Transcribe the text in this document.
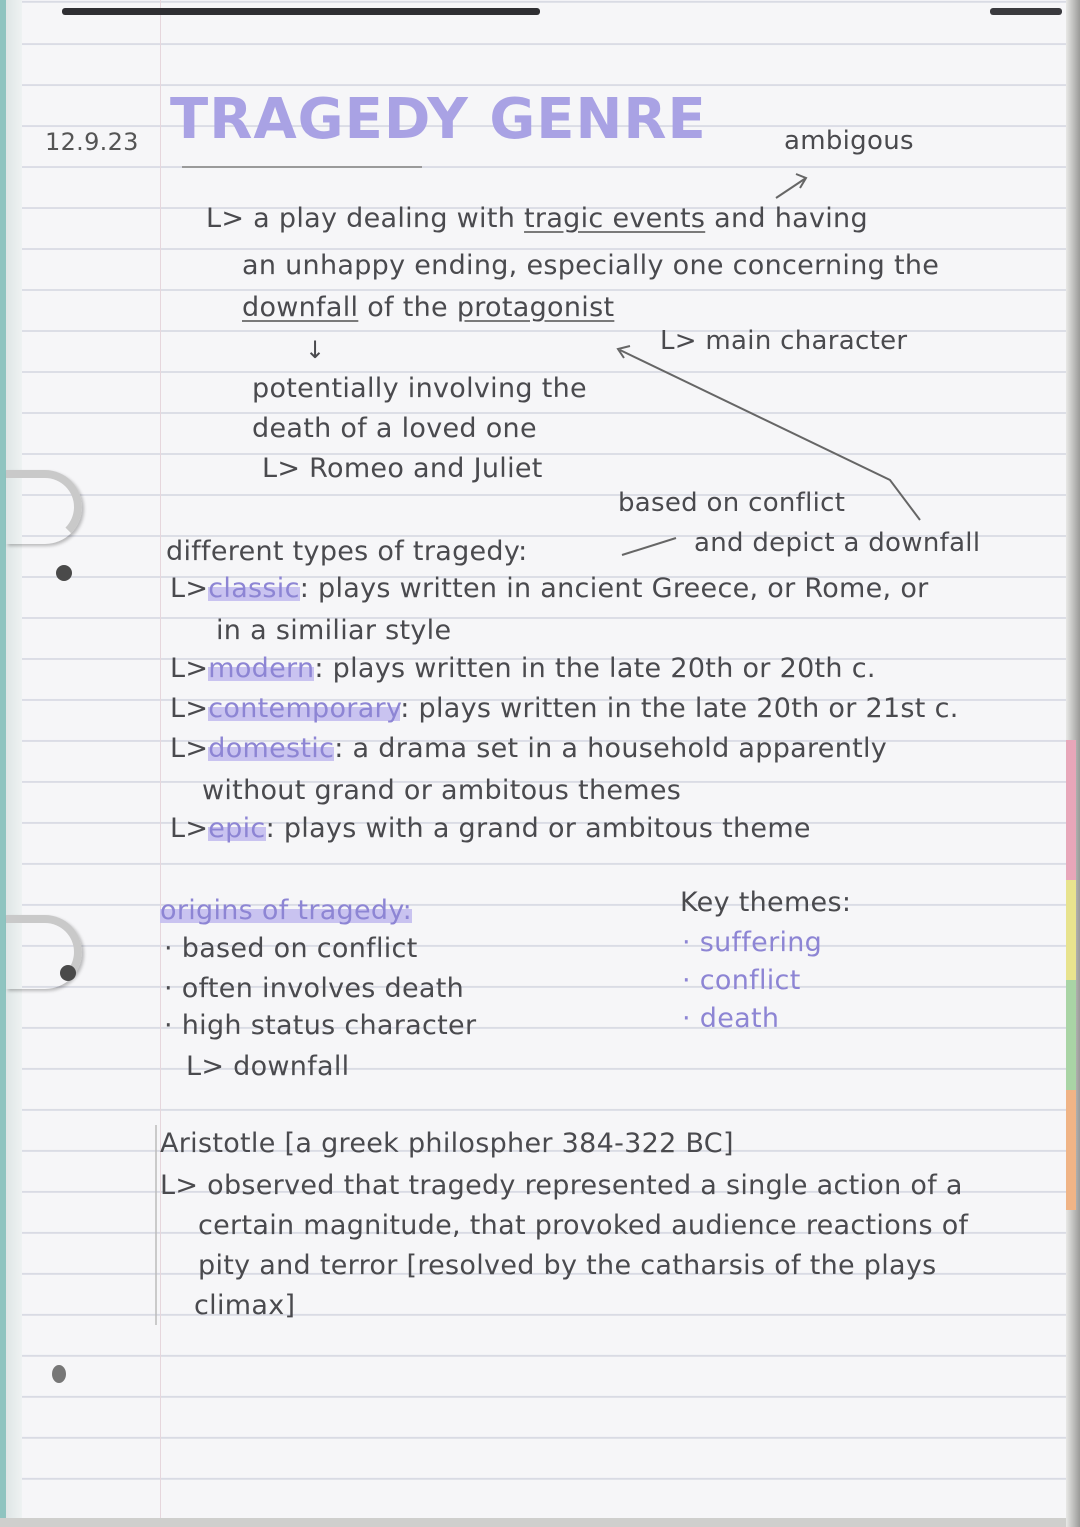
12.9.23 TRAGEDY GENRE	ambigous

L> a play dealing with tragic events and having

an unhappy ending, especially one concerning the

downfall of the protagonist

L> main character

↓

potentially involving the

death of a loved one

L> Romeo and Juliet

based on conflict

and depict a downfall

different types of tragedy:

L>classic: plays written in ancient Greece, or Rome, or

in a similiar style

L>modern: plays written in the late 20th or 20th c.

L>contemporary: plays written in the late 20th or 21st c.

L>domestic: a drama set in a household apparently

without grand or ambitous themes

L>epic: plays with a grand or ambitous theme

origins of tragedy:

· based on conflict

· often involves death

· high status character

L> downfall

Key themes:

· suffering

· conflict

· death

Aristotle [a greek philospher 384-322 BC]

L> observed that tragedy represented a single action of a

certain magnitude, that provoked audience reactions of

pity and terror [resolved by the catharsis of the plays

climax]
